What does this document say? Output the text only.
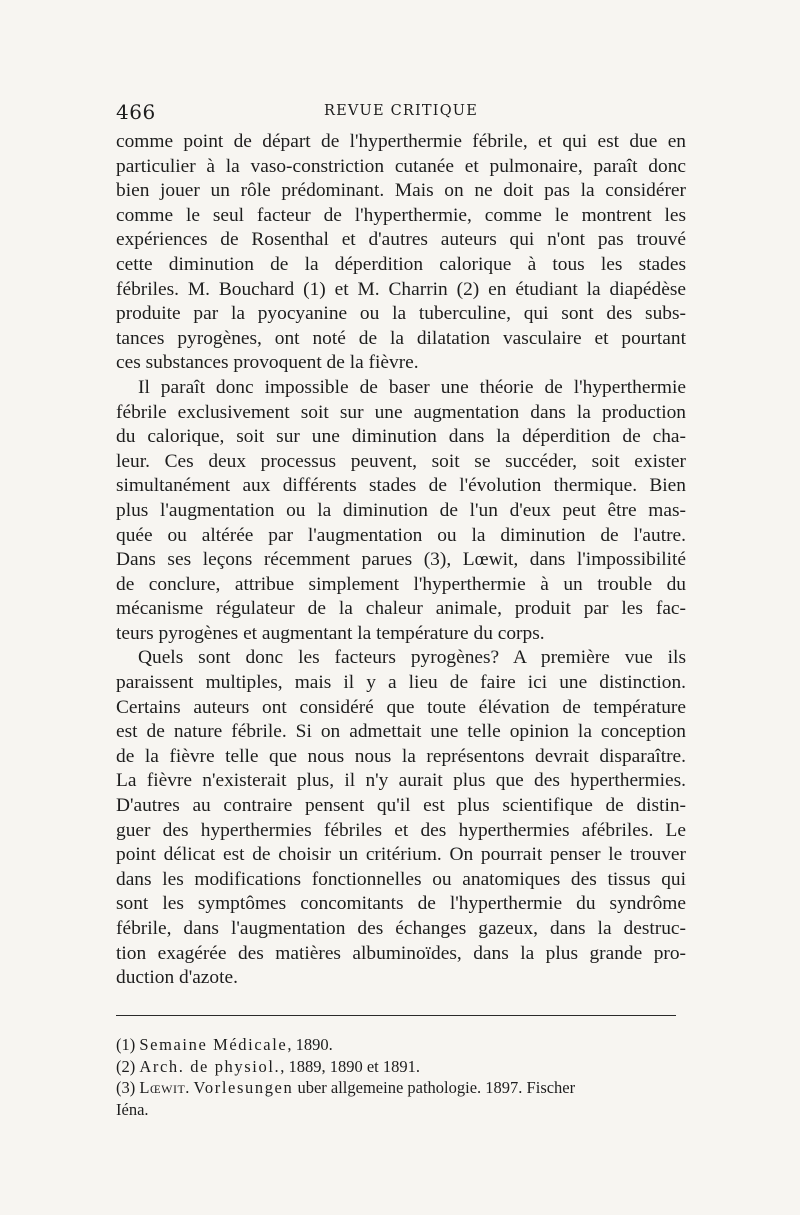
466	REVUE CRITIQUE
comme point de départ de l'hyperthermie fébrile, et qui est due en
particulier à la vaso-constriction cutanée et pulmonaire, paraît donc
bien jouer un rôle prédominant. Mais on ne doit pas la considérer
comme le seul facteur de l'hyperthermie, comme le montrent les
expériences de Rosenthal et d'autres auteurs qui n'ont pas trouvé
cette diminution de la déperdition calorique à tous les stades
fébriles. M. Bouchard (1) et M. Charrin (2) en étudiant la diapédèse
produite par la pyocyanine ou la tuberculine, qui sont des subs-
tances pyrogènes, ont noté de la dilatation vasculaire et pourtant
ces substances provoquent de la fièvre.
Il paraît donc impossible de baser une théorie de l'hyperthermie
fébrile exclusivement soit sur une augmentation dans la production
du calorique, soit sur une diminution dans la déperdition de cha-
leur. Ces deux processus peuvent, soit se succéder, soit exister
simultanément aux différents stades de l'évolution thermique. Bien
plus l'augmentation ou la diminution de l'un d'eux peut être mas-
quée ou altérée par l'augmentation ou la diminution de l'autre.
Dans ses leçons récemment parues (3), Lœwit, dans l'impossibilité
de conclure, attribue simplement l'hyperthermie à un trouble du
mécanisme régulateur de la chaleur animale, produit par les fac-
teurs pyrogènes et augmentant la température du corps.
Quels sont donc les facteurs pyrogènes? A première vue ils
paraissent multiples, mais il y a lieu de faire ici une distinction.
Certains auteurs ont considéré que toute élévation de température
est de nature fébrile. Si on admettait une telle opinion la conception
de la fièvre telle que nous nous la représentons devrait disparaître.
La fièvre n'existerait plus, il n'y aurait plus que des hyperthermies.
D'autres au contraire pensent qu'il est plus scientifique de distin-
guer des hyperthermies fébriles et des hyperthermies afébriles. Le
point délicat est de choisir un critérium. On pourrait penser le trouver
dans les modifications fonctionnelles ou anatomiques des tissus qui
sont les symptômes concomitants de l'hyperthermie du syndrôme
fébrile, dans l'augmentation des échanges gazeux, dans la destruc-
tion exagérée des matières albuminoïdes, dans la plus grande pro-
duction d'azote.
(1) Semaine Médicale, 1890.
(2) Arch. de physiol., 1889, 1890 et 1891.
(3) Lœwit. Vorlesungen uber allgemeine pathologie. 1897. Fischer
Iéna.
